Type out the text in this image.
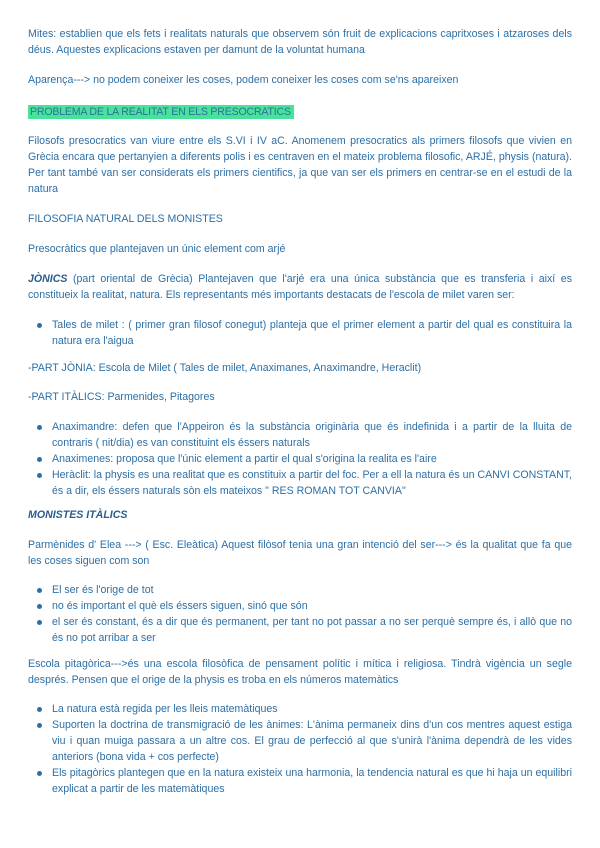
Mites: establien que els fets i realitats naturals que observem són fruit de explicacions capritxoses i atzaroses dels déus. Aquestes explicacions estaven per damunt de la voluntat humana

Aparença---> no podem coneixer les coses, podem coneixer les coses com se'ns apareixen

PROBLEMA DE LA REALITAT EN ELS PRESOCRATICS

Filosofs presocratics van viure entre els S.VI i IV aC. Anomenem presocratics als primers filosofs que vivien en Grècia encara que pertanyien a diferents polis i es centraven en el mateix problema filosofic, ARJÉ, physis (natura). Per tant també van ser considerats els primers cientifics, ja que van ser els primers en centrar-se en el estudi de la natura

FILOSOFIA NATURAL DELS MONISTES

Presocràtics que plantejaven un únic element com arjé

JÒNICS (part oriental de Grècia) Plantejaven que l'arjé era una única substància que es transferia i així es constitueix la realitat, natura. Els representants més importants destacats de l'escola de milet varen ser:

Tales de milet : ( primer gran filosof conegut) planteja que el primer element a partir del qual es constituira la natura era l'aigua

-PART JÒNIA: Escola de Milet ( Tales de milet, Anaximanes, Anaximandre, Heraclit)

-PART ITÀLICS: Parmenides, Pitagores

Anaximandre: defen que l'Appeiron és la substància originària que és indefinida i a partir de la lluita de contraris ( nit/dia) es van constituint els éssers naturals
Anaximenes: proposa que l'únic element a partir el qual s'origina la realita es l'aire
Heràclit: la physis es una realitat que es constituix a partir del foc. Per a ell la natura és un CANVI CONSTANT, és a dir, els éssers naturals sòn els mateixos " RES ROMAN TOT CANVIA"

MONISTES ITÀLICS

Parmènides d' Elea ---> ( Esc. Eleàtica) Aquest filòsof tenia una gran intenció del ser---> és la qualitat que fa que les coses siguen com son

El ser és l'orige de tot
no és important el què els éssers siguen, sinó que són
el ser és constant, és a dir que és permanent, per tant no pot passar a no ser perquè sempre és, i allò que no és no pot arribar a ser

Escola pitagòrica--->és una escola filosòfica de pensament polític i mítica i religiosa. Tindrà vigència un segle després. Pensen que el orige de la physis es troba en els números matemàtics

La natura està regida per les lleis matemàtiques
Suporten la doctrina de transmigració de les ànimes: L'ànima permaneix dins d'un cos mentres aquest estiga viu i quan muiga passara a un altre cos. El grau de perfecció al que s'unirà l'ànima dependrà de les vides anteriors (bona vida + cos perfecte)
Els pitagòrics plantegen que en la natura existeix una harmonia, la tendencia natural es que hi haja un equilibri explicat a partir de les matemàtiques
